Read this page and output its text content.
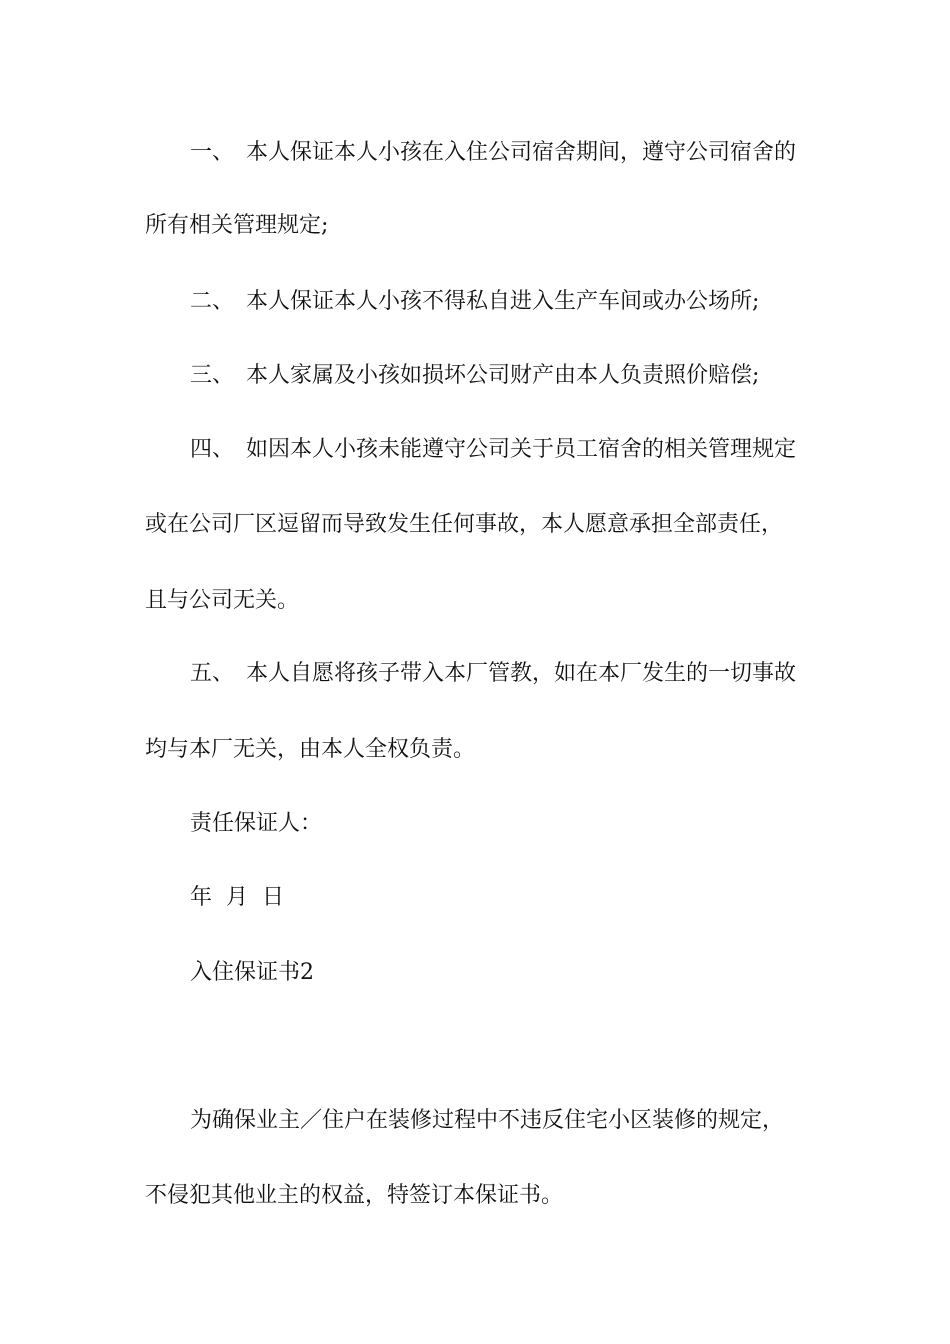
一、 本人保证本人小孩在入住公司宿舍期间，遵守公司宿舍的
所有相关管理规定;
二、 本人保证本人小孩不得私自进入生产车间或办公场所;
三、 本人家属及小孩如损坏公司财产由本人负责照价赔偿;
四、 如因本人小孩未能遵守公司关于员工宿舍的相关管理规定
或在公司厂区逗留而导致发生任何事故，本人愿意承担全部责任，
且与公司无关。
五、 本人自愿将孩子带入本厂管教，如在本厂发生的一切事故
均与本厂无关，由本人全权负责。
责任保证人：
年 月 日
入住保证书2
为确保业主／住户在装修过程中不违反住宅小区装修的规定，
不侵犯其他业主的权益，特签订本保证书。
